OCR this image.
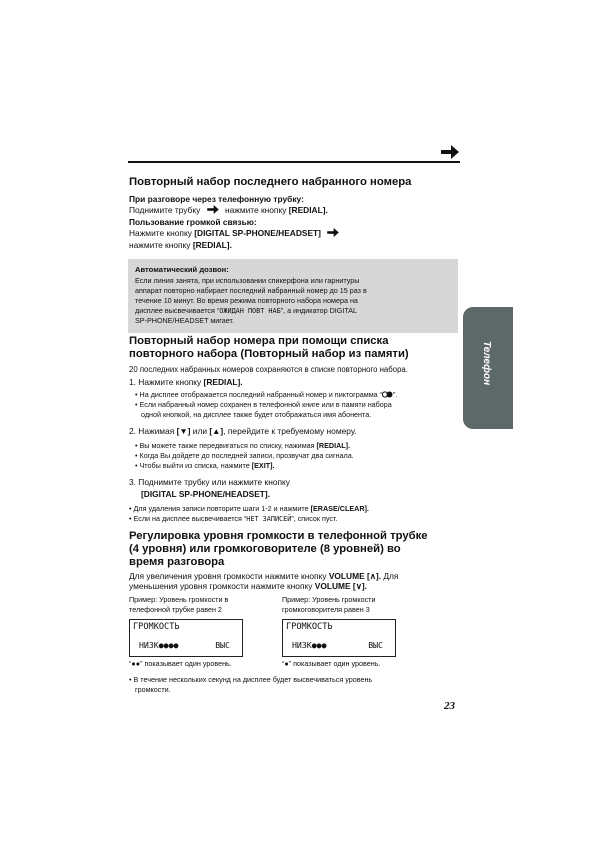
Повторный набор последнего набранного номера
При разговоре через телефонную трубку:
Поднимите трубку	нажмите кнопку [REDIAL].
Пользование громкой связью:
Нажмите кнопку [DIGITAL SP-PHONE/HEADSET]
нажмите кнопку [REDIAL].
Автоматический дозвон:
Если линия занята, при использовании спикерфона или гарнитуры
аппарат повторно набирает последний набранный номер до 15 раз в
течение 10 минут. Во время режима повторного набора номера на
дисплее высвечивается “ОЖИДАН ПОВТ НАБ”, а индикатор DIGITAL
SP-PHONE/HEADSET мигает.
Телефон
Повторный набор номера при помощи списка
повторного набора (Повторный набор из памяти)
20 последних набранных номеров сохраняются в списке повторного набора.
1. Нажмите кнопку [REDIAL].
• На дисплее отображается последний набранный номер и пиктограмма “ ”.
• Если набранный номер сохранен в телефонной книге или в памяти набора
одной кнопкой, на дисплее также будет отображаться имя абонента.
2. Нажимая [▼] или [▲], перейдите к требуемому номеру.
• Вы можете также передвигаться по списку, нажимая [REDIAL].
• Когда Вы дойдете до последней записи, прозвучат два сигнала.
• Чтобы выйти из списка, нажмите [EXIT].
3. Поднимите трубку или нажмите кнопку
[DIGITAL SP-PHONE/HEADSET].
• Для удаления записи повторите шаги 1-2 и нажмите [ERASE/CLEAR].
• Если на дисплее высвечивается “НЕТ ЗАПИСЕЙ”, список пуст.
Регулировка уровня громкости в телефонной трубке
(4 уровня) или громкоговорителе (8 уровней) во
время разговора
Для увеличения уровня громкости нажмите кнопку VOLUME [∧]. Для
уменьшения уровня громкости нажмите кнопку VOLUME [∨].
Пример: Уровень громкости в
телефонной трубке равен 2
Пример: Уровень громкости
громкоговорителя равен 3
ГРОМКОСТЬ
НИЗК●●●●	ВЫС
ГРОМКОСТЬ
НИЗК●●●	ВЫС
“●●” показывает один уровень.	“●” показывает один уровень.
• В течение нескольких секунд на дисплее будет высвечиваться уровень
громкости.
23
